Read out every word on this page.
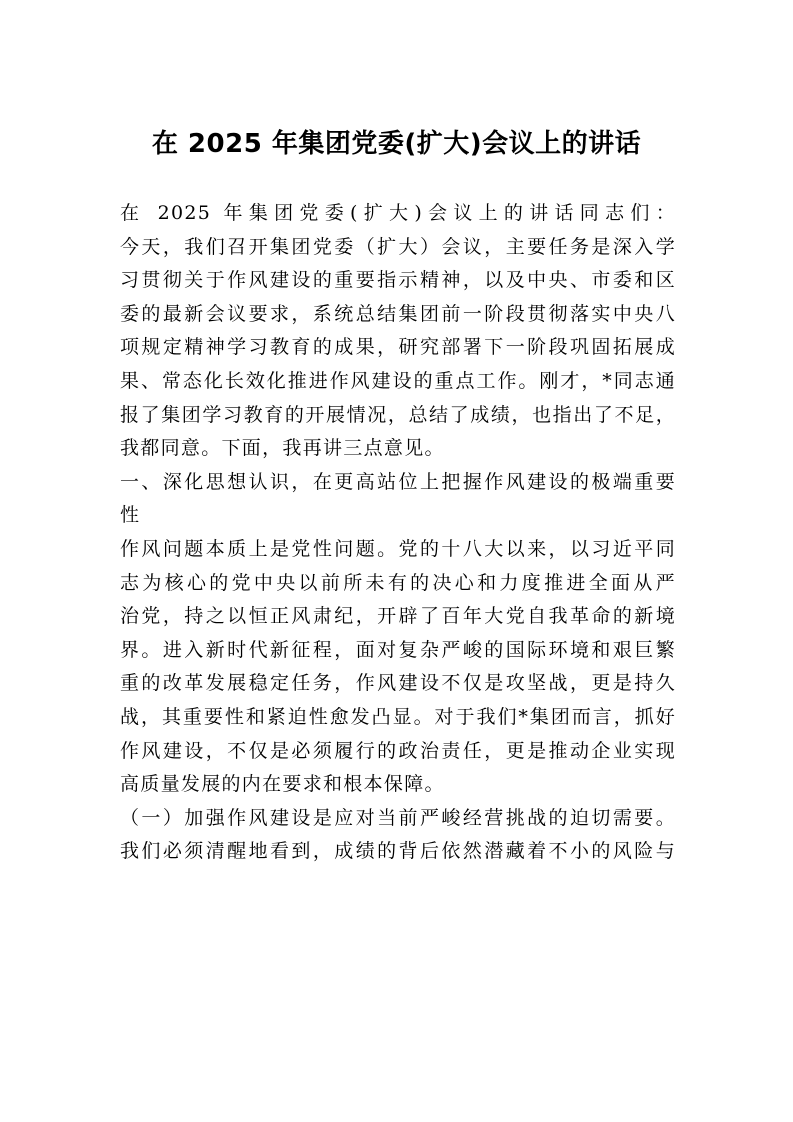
在 2025 年集团党委(扩大)会议上的讲话
在 2025 年集团党委(扩大)会议上的讲话同志们：
今天，我们召开集团党委（扩大）会议，主要任务是深入学
习贯彻关于作风建设的重要指示精神，以及中央、市委和区
委的最新会议要求，系统总结集团前一阶段贯彻落实中央八
项规定精神学习教育的成果，研究部署下一阶段巩固拓展成
果、常态化长效化推进作风建设的重点工作。刚才，*同志通
报了集团学习教育的开展情况，总结了成绩，也指出了不足，
我都同意。下面，我再讲三点意见。
一、深化思想认识，在更高站位上把握作风建设的极端重要
性
作风问题本质上是党性问题。党的十八大以来，以习近平同
志为核心的党中央以前所未有的决心和力度推进全面从严
治党，持之以恒正风肃纪，开辟了百年大党自我革命的新境
界。进入新时代新征程，面对复杂严峻的国际环境和艰巨繁
重的改革发展稳定任务，作风建设不仅是攻坚战，更是持久
战，其重要性和紧迫性愈发凸显。对于我们*集团而言，抓好
作风建设，不仅是必须履行的政治责任，更是推动企业实现
高质量发展的内在要求和根本保障。
（一）加强作风建设是应对当前严峻经营挑战的迫切需要。
我们必须清醒地看到，成绩的背后依然潜藏着不小的风险与
